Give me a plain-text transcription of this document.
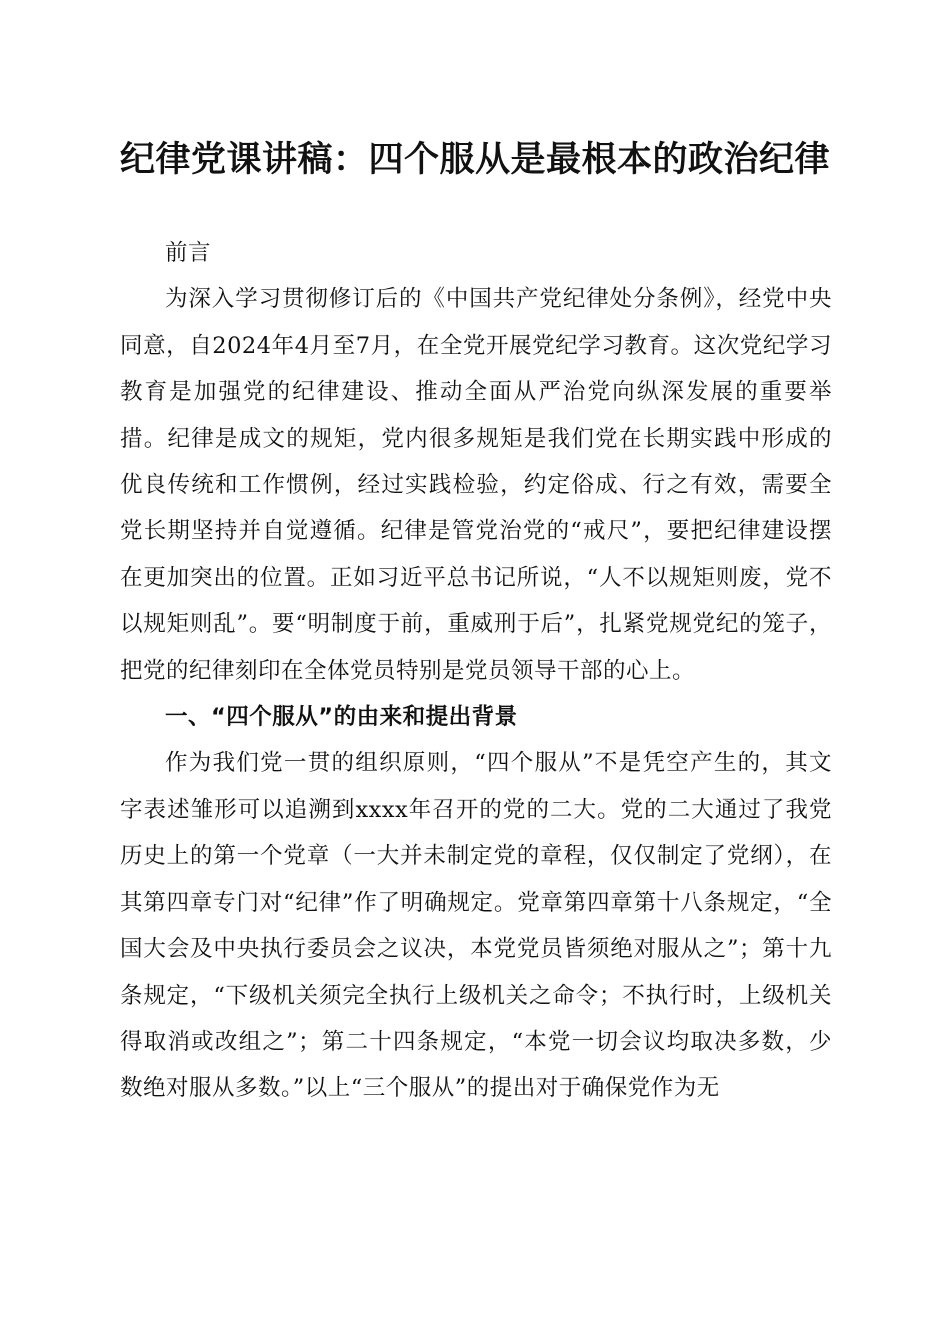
纪律党课讲稿：四个服从是最根本的政治纪律

前言

为深入学习贯彻修订后的《中国共产党纪律处分条例》，经党中央同意，自2024年4月至7月，在全党开展党纪学习教育。这次党纪学习教育是加强党的纪律建设、推动全面从严治党向纵深发展的重要举措。纪律是成文的规矩，党内很多规矩是我们党在长期实践中形成的优良传统和工作惯例，经过实践检验，约定俗成、行之有效，需要全党长期坚持并自觉遵循。纪律是管党治党的“戒尺”，要把纪律建设摆在更加突出的位置。正如习近平总书记所说，“人不以规矩则废，党不以规矩则乱”。要“明制度于前，重威刑于后”，扎紧党规党纪的笼子，把党的纪律刻印在全体党员特别是党员领导干部的心上。

一、“四个服从”的由来和提出背景

作为我们党一贯的组织原则，“四个服从”不是凭空产生的，其文字表述雏形可以追溯到xxxx年召开的党的二大。党的二大通过了我党历史上的第一个党章（一大并未制定党的章程，仅仅制定了党纲），在其第四章专门对“纪律”作了明确规定。党章第四章第十八条规定，“全国大会及中央执行委员会之议决，本党党员皆须绝对服从之”；第十九条规定，“下级机关须完全执行上级机关之命令；不执行时，上级机关得取消或改组之”；第二十四条规定，“本党一切会议均取决多数，少数绝对服从多数。”以上“三个服从”的提出对于确保党作为无
